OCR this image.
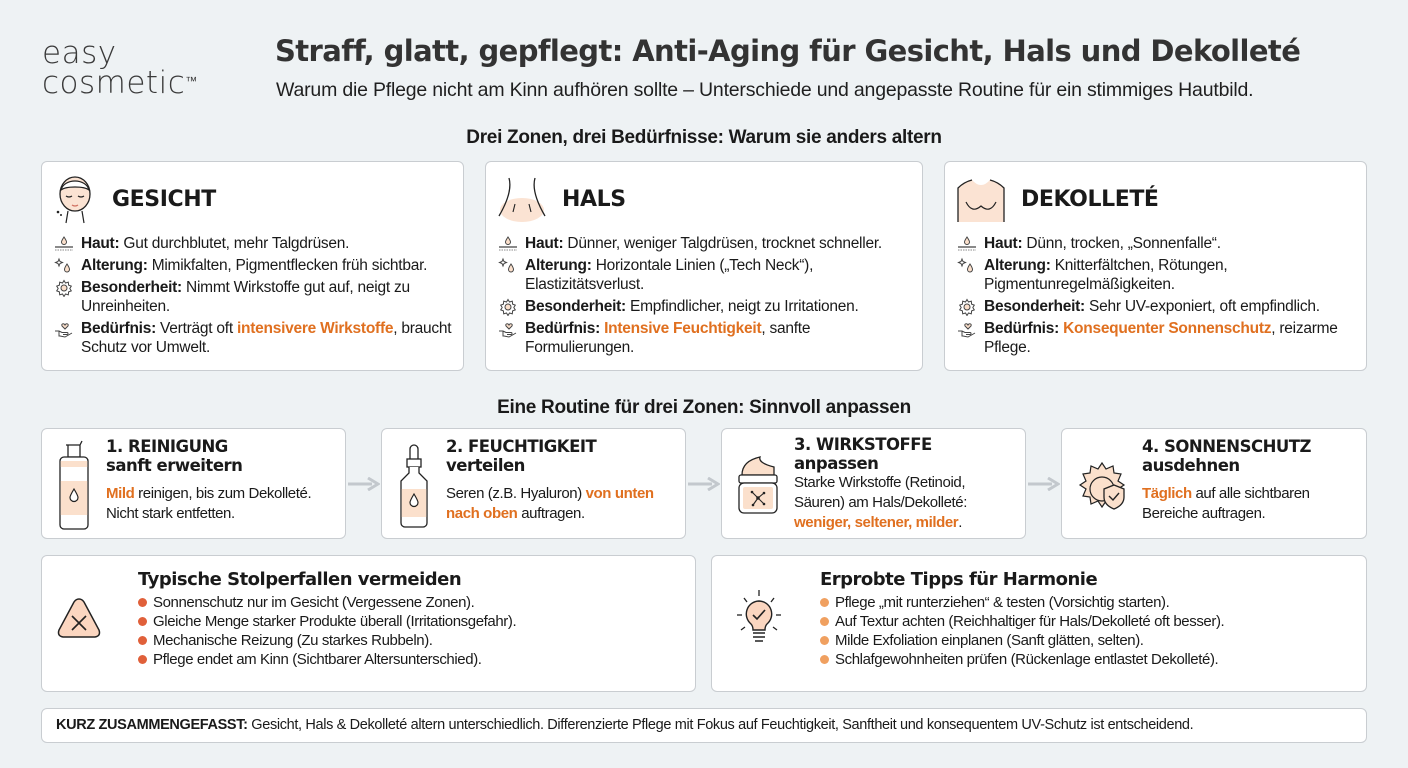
easy
cosmetic™
Straff, glatt, gepflegt: Anti-Aging für Gesicht, Hals und Dekolleté
Warum die Pflege nicht am Kinn aufhören sollte – Unterschiede und angepasste Routine für ein stimmiges Hautbild.
Drei Zonen, drei Bedürfnisse: Warum sie anders altern
GESICHT
Haut: Gut durchblutet, mehr Talgdrüsen.
Alterung: Mimikfalten, Pigmentflecken früh sichtbar.
Besonderheit: Nimmt Wirkstoffe gut auf, neigt zu Unreinheiten.
Bedürfnis: Verträgt oft intensivere Wirkstoffe, braucht Schutz vor Umwelt.
HALS
Haut: Dünner, weniger Talgdrüsen, trocknet schneller.
Alterung: Horizontale Linien („Tech Neck“), Elastizitätsverlust.
Besonderheit: Empfindlicher, neigt zu Irritationen.
Bedürfnis: Intensive Feuchtigkeit, sanfte Formulierungen.
DEKOLLETÉ
Haut: Dünn, trocken, „Sonnenfalle“.
Alterung: Knitterfältchen, Rötungen, Pigmentunregelmäßigkeiten.
Besonderheit: Sehr UV-exponiert, oft empfindlich.
Bedürfnis: Konsequenter Sonnenschutz, reizarme Pflege.
Eine Routine für drei Zonen: Sinnvoll anpassen
1. REINIGUNG
sanft erweitern
Mild reinigen, bis zum Dekolleté. Nicht stark entfetten.
2. FEUCHTIGKEIT
verteilen
Seren (z.B. Hyaluron) von unten nach oben auftragen.
3. WIRKSTOFFE
anpassen
Starke Wirkstoffe (Retinoid, Säuren) am Hals/Dekolleté: weniger, seltener, milder.
4. SONNENSCHUTZ
ausdehnen
Täglich auf alle sichtbaren Bereiche auftragen.
Typische Stolperfallen vermeiden
Sonnenschutz nur im Gesicht (Vergessene Zonen).
Gleiche Menge starker Produkte überall (Irritationsgefahr).
Mechanische Reizung (Zu starkes Rubbeln).
Pflege endet am Kinn (Sichtbarer Altersunterschied).
Erprobte Tipps für Harmonie
Pflege „mit runterziehen“ & testen (Vorsichtig starten).
Auf Textur achten (Reichhaltiger für Hals/Dekolleté oft besser).
Milde Exfoliation einplanen (Sanft glätten, selten).
Schlafgewohnheiten prüfen (Rückenlage entlastet Dekolleté).
KURZ ZUSAMMENGEFASST: Gesicht, Hals & Dekolleté altern unterschiedlich. Differenzierte Pflege mit Fokus auf Feuchtigkeit, Sanftheit und konsequentem UV-Schutz ist entscheidend.
